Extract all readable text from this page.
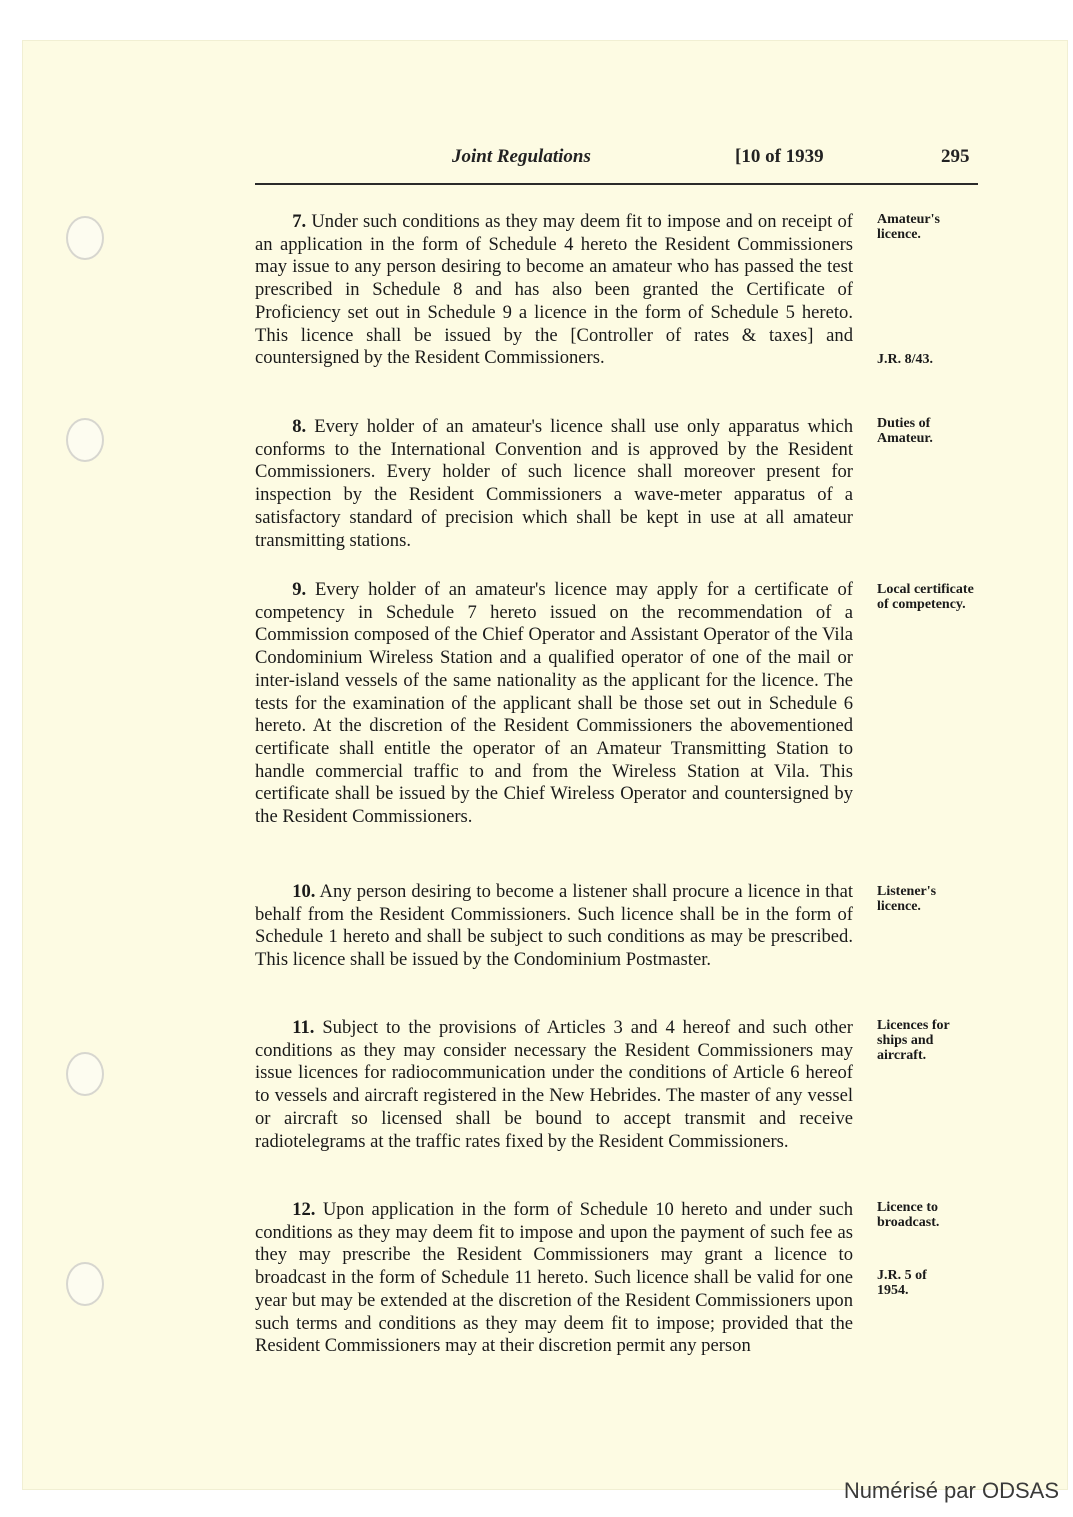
Joint Regulations	[10 of 1939	295

7. Under such conditions as they may deem fit to impose and on receipt of an application in the form of Schedule 4 hereto the Resident Commissioners may issue to any person desiring to become an amateur who has passed the test prescribed in Schedule 8 and has also been granted the Certificate of Proficiency set out in Schedule 9 a licence in the form of Schedule 5 hereto. This licence shall be issued by the [Controller of rates & taxes] and countersigned by the Resident Commissioners.

8. Every holder of an amateur's licence shall use only apparatus which conforms to the International Convention and is approved by the Resident Commissioners. Every holder of such licence shall moreover present for inspection by the Resident Commissioners a wave-meter apparatus of a satisfactory standard of precision which shall be kept in use at all amateur transmitting stations.

9. Every holder of an amateur's licence may apply for a certificate of competency in Schedule 7 hereto issued on the recommendation of a Commission composed of the Chief Operator and Assistant Operator of the Vila Condominium Wireless Station and a qualified operator of one of the mail or inter-island vessels of the same nationality as the applicant for the licence. The tests for the examination of the applicant shall be those set out in Schedule 6 hereto. At the discretion of the Resident Commissioners the abovementioned certificate shall entitle the operator of an Amateur Transmitting Station to handle commercial traffic to and from the Wireless Station at Vila. This certificate shall be issued by the Chief Wireless Operator and countersigned by the Resident Commissioners.

10. Any person desiring to become a listener shall procure a licence in that behalf from the Resident Commissioners. Such licence shall be in the form of Schedule 1 hereto and shall be subject to such conditions as may be prescribed. This licence shall be issued by the Condominium Postmaster.

11. Subject to the provisions of Articles 3 and 4 hereof and such other conditions as they may consider necessary the Resident Commissioners may issue licences for radiocommunication under the conditions of Article 6 hereof to vessels and aircraft registered in the New Hebrides. The master of any vessel or aircraft so licensed shall be bound to accept transmit and receive radiotelegrams at the traffic rates fixed by the Resident Commissioners.

12. Upon application in the form of Schedule 10 hereto and under such conditions as they may deem fit to impose and upon the payment of such fee as they may prescribe the Resident Commissioners may grant a licence to broadcast in the form of Schedule 11 hereto. Such licence shall be valid for one year but may be extended at the discretion of the Resident Commissioners upon such terms and conditions as they may deem fit to impose; provided that the Resident Commissioners may at their discretion permit any person

Amateur's licence.
J.R. 8/43.
Duties of Amateur.
Local certificate of competency.
Listener's licence.
Licences for ships and aircraft.
Licence to broadcast.
J.R. 5 of 1954.
Numérisé par ODSAS
